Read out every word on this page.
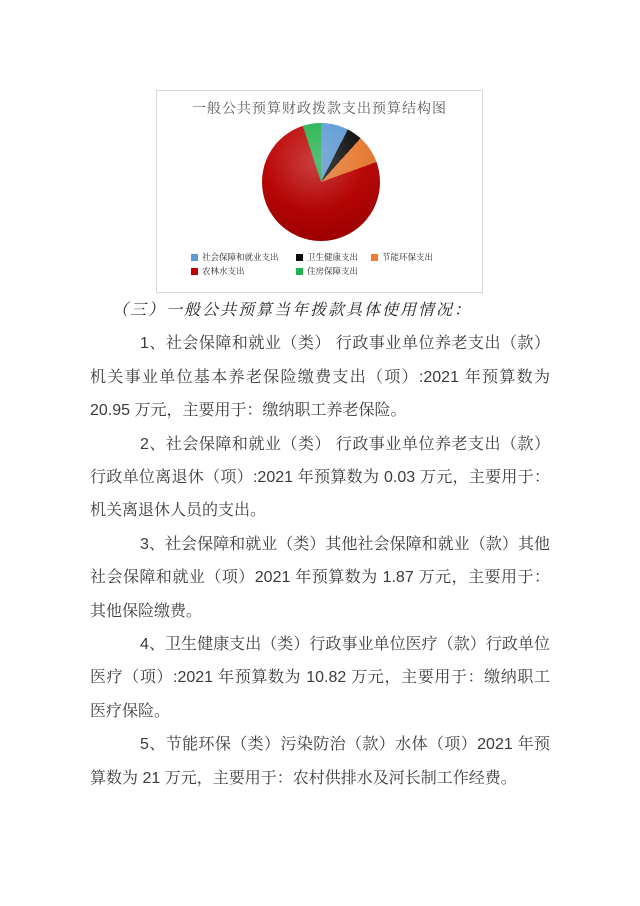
一般公共预算财政拨款支出预算结构图
社会保障和就业支出	卫生健康支出	节能环保支出
农林水支出	住房保障支出

（三）一般公共预算当年拨款具体使用情况：

1、社会保障和就业（类） 行政事业单位养老支出（款） 机关事业单位基本养老保险缴费支出（项）:2021 年预算数为 20.95 万元，主要用于：缴纳职工养老保险。

2、社会保障和就业（类） 行政事业单位养老支出（款） 行政单位离退休（项）:2021 年预算数为 0.03 万元，主要用于：机关离退休人员的支出。

3、社会保障和就业（类）其他社会保障和就业（款）其他社会保障和就业（项）2021 年预算数为 1.87 万元，主要用于：其他保险缴费。

4、卫生健康支出（类）行政事业单位医疗（款）行政单位医疗（项）:2021 年预算数为 10.82 万元，主要用于：缴纳职工医疗保险。

5、节能环保（类）污染防治（款）水体（项）2021 年预算数为 21 万元，主要用于：农村供排水及河长制工作经费。
